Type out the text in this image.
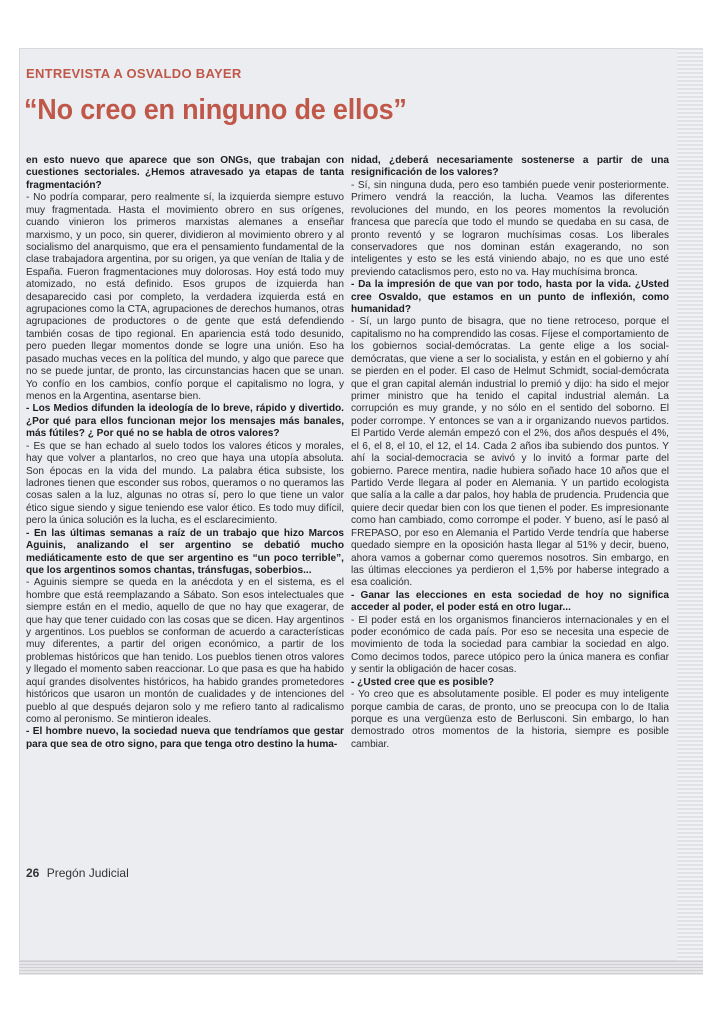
ENTREVISTA A OSVALDO BAYER
“No creo en ninguno de ellos”

en esto nuevo que aparece que son ONGs, que trabajan con cuestiones sectoriales. ¿Hemos atravesado ya etapas de tanta fragmentación?

- No podría comparar, pero realmente sí, la izquierda siempre estuvo muy fragmentada. Hasta el movimiento obrero en sus orígenes, cuando vinieron los primeros marxistas alemanes a enseñar marxismo, y un poco, sin querer, dividieron al movimiento obrero y al socialismo del anarquismo, que era el pensamiento fundamental de la clase trabajadora argentina, por su origen, ya que venían de Italia y de España. Fueron fragmentaciones muy dolorosas. Hoy está todo muy atomizado, no está definido. Esos grupos de izquierda han desaparecido casi por completo, la verdadera izquierda está en agrupaciones como la CTA, agrupaciones de derechos humanos, otras agrupaciones de productores o de gente que está defendiendo también cosas de tipo regional. En apariencia está todo desunido, pero pueden llegar momentos donde se logre una unión. Eso ha pasado muchas veces en la política del mundo, y algo que parece que no se puede juntar, de pronto, las circunstancias hacen que se unan. Yo confío en los cambios, confío porque el capitalismo no logra, y menos en la Argentina, asentarse bien.

- Los Medios difunden la ideología de lo breve, rápido y divertido. ¿Por qué para ellos funcionan mejor los mensajes más banales, más fútiles? ¿ Por qué no se habla de otros valores?

- Es que se han echado al suelo todos los valores éticos y morales, hay que volver a plantarlos, no creo que haya una utopía absoluta. Son épocas en la vida del mundo. La palabra ética subsiste, los ladrones tienen que esconder sus robos, queramos o no queramos las cosas salen a la luz, algunas no otras sí, pero lo que tiene un valor ético sigue siendo y sigue teniendo ese valor ético. Es todo muy difícil, pero la única solución es la lucha, es el esclarecimiento.

- En las últimas semanas a raíz de un trabajo que hizo Marcos Aguinis, analizando el ser argentino se debatió mucho mediáticamente esto de que ser argentino es “un poco terrible”, que los argentinos somos chantas, tránsfugas, soberbios...

- Aguinis siempre se queda en la anécdota y en el sistema, es el hombre que está reemplazando a Sábato. Son esos intelectuales que siempre están en el medio, aquello de que no hay que exagerar, de que hay que tener cuidado con las cosas que se dicen. Hay argentinos y argentinos. Los pueblos se conforman de acuerdo a características muy diferentes, a partir del origen económico, a partir de los problemas históricos que han tenido. Los pueblos tienen otros valores y llegado el momento saben reaccionar. Lo que pasa es que ha habido aquí grandes disolventes históricos, ha habido grandes prometedores históricos que usaron un montón de cualidades y de intenciones del pueblo al que después dejaron solo y me refiero tanto al radicalismo como al peronismo. Se mintieron ideales.

- El hombre nuevo, la sociedad nueva que tendríamos que gestar para que sea de otro signo, para que tenga otro destino la huma-

nidad, ¿deberá necesariamente sostenerse a partir de una resignificación de los valores?

- Sí, sin ninguna duda, pero eso también puede venir posteriormente. Primero vendrá la reacción, la lucha. Veamos las diferentes revoluciones del mundo, en los peores momentos la revolución francesa que parecía que todo el mundo se quedaba en su casa, de pronto reventó y se lograron muchísimas cosas. Los liberales conservadores que nos dominan están exagerando, no son inteligentes y esto se les está viniendo abajo, no es que uno esté previendo cataclismos pero, esto no va. Hay muchísima bronca.

- Da la impresión de que van por todo, hasta por la vida. ¿Usted cree Osvaldo, que estamos en un punto de inflexión, como humanidad?

- Sí, un largo punto de bisagra, que no tiene retroceso, porque el capitalismo no ha comprendido las cosas. Fíjese el comportamiento de los gobiernos social-demócratas. La gente elige a los social-demócratas, que viene a ser lo socialista, y están en el gobierno y ahí se pierden en el poder. El caso de Helmut Schmidt, social-demócrata que el gran capital alemán industrial lo premió y dijo: ha sido el mejor primer ministro que ha tenido el capital industrial alemán. La corrupción es muy grande, y no sólo en el sentido del soborno. El poder corrompe. Y entonces se van a ir organizando nuevos partidos. El Partido Verde alemán empezó con el 2%, dos años después el 4%, el 6, el 8, el 10, el 12, el 14. Cada 2 años iba subiendo dos puntos. Y ahí la social-democracia se avivó y lo invitó a formar parte del gobierno. Parece mentira, nadie hubiera soñado hace 10 años que el Partido Verde llegara al poder en Alemania. Y un partido ecologista que salía a la calle a dar palos, hoy habla de prudencia. Prudencia que quiere decir quedar bien con los que tienen el poder. Es impresionante como han cambiado, como corrompe el poder. Y bueno, así le pasó al FREPASO, por eso en Alemania el Partido Verde tendría que haberse quedado siempre en la oposición hasta llegar al 51% y decir, bueno, ahora vamos a gobernar como queremos nosotros. Sin embargo, en las últimas elecciones ya perdieron el 1,5% por haberse integrado a esa coalición.

- Ganar las elecciones en esta sociedad de hoy no significa acceder al poder, el poder está en otro lugar...

- El poder está en los organismos financieros internacionales y en el poder económico de cada país. Por eso se necesita una especie de movimiento de toda la sociedad para cambiar la sociedad en algo. Como decimos todos, parece utópico pero la única manera es confiar y sentir la obligación de hacer cosas.

- ¿Usted cree que es posible?

- Yo creo que es absolutamente posible. El poder es muy inteligente porque cambia de caras, de pronto, uno se preocupa con lo de Italia porque es una vergüenza esto de Berlusconi. Sin embargo, lo han demostrado otros momentos de la historia, siempre es posible cambiar.

26 Pregón Judicial
